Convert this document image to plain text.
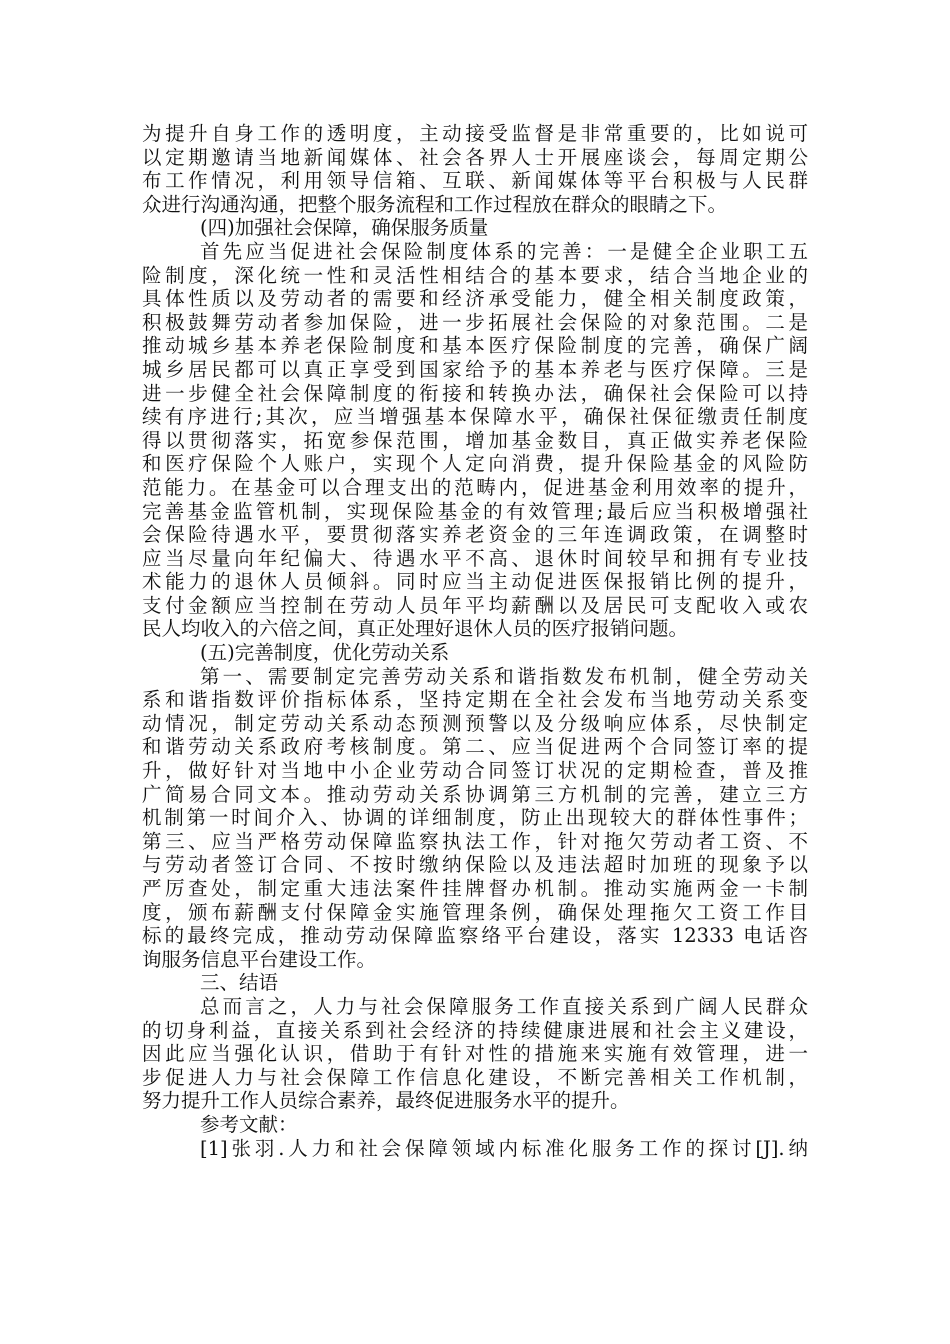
为提升自身工作的透明度，主动接受监督是非常重要的，比如说可
以定期邀请当地新闻媒体、社会各界人士开展座谈会，每周定期公
布工作情况，利用领导信箱、互联、新闻媒体等平台积极与人民群
众进行沟通沟通，把整个服务流程和工作过程放在群众的眼睛之下。
(四)加强社会保障，确保服务质量
首先应当促进社会保险制度体系的完善：一是健全企业职工五
险制度，深化统一性和灵活性相结合的基本要求，结合当地企业的
具体性质以及劳动者的需要和经济承受能力，健全相关制度政策，
积极鼓舞劳动者参加保险，进一步拓展社会保险的对象范围。二是
推动城乡基本养老保险制度和基本医疗保险制度的完善，确保广阔
城乡居民都可以真正享受到国家给予的基本养老与医疗保障。三是
进一步健全社会保障制度的衔接和转换办法，确保社会保险可以持
续有序进行;其次，应当增强基本保障水平，确保社保征缴责任制度
得以贯彻落实，拓宽参保范围，增加基金数目，真正做实养老保险
和医疗保险个人账户，实现个人定向消费，提升保险基金的风险防
范能力。在基金可以合理支出的范畴内，促进基金利用效率的提升，
完善基金监管机制，实现保险基金的有效管理;最后应当积极增强社
会保险待遇水平，要贯彻落实养老资金的三年连调政策，在调整时
应当尽量向年纪偏大、待遇水平不高、退休时间较早和拥有专业技
术能力的退休人员倾斜。同时应当主动促进医保报销比例的提升，
支付金额应当控制在劳动人员年平均薪酬以及居民可支配收入或农
民人均收入的六倍之间，真正处理好退休人员的医疗报销问题。
(五)完善制度，优化劳动关系
第一、需要制定完善劳动关系和谐指数发布机制，健全劳动关
系和谐指数评价指标体系，坚持定期在全社会发布当地劳动关系变
动情况，制定劳动关系动态预测预警以及分级响应体系，尽快制定
和谐劳动关系政府考核制度。第二、应当促进两个合同签订率的提
升，做好针对当地中小企业劳动合同签订状况的定期检查，普及推
广简易合同文本。推动劳动关系协调第三方机制的完善，建立三方
机制第一时间介入、协调的详细制度，防止出现较大的群体性事件；
第三、应当严格劳动保障监察执法工作，针对拖欠劳动者工资、不
与劳动者签订合同、不按时缴纳保险以及违法超时加班的现象予以
严厉查处，制定重大违法案件挂牌督办机制。推动实施两金一卡制
度，颁布薪酬支付保障金实施管理条例，确保处理拖欠工资工作目
标的最终完成，推动劳动保障监察络平台建设，落实 12333 电话咨
询服务信息平台建设工作。
三、结语
总而言之，人力与社会保障服务工作直接关系到广阔人民群众
的切身利益，直接关系到社会经济的持续健康进展和社会主义建设，
因此应当强化认识，借助于有针对性的措施来实施有效管理，进一
步促进人力与社会保障工作信息化建设，不断完善相关工作机制，
努力提升工作人员综合素养，最终促进服务水平的提升。
参考文献：
[1]张羽.人力和社会保障领域内标准化服务工作的探讨[J].纳
